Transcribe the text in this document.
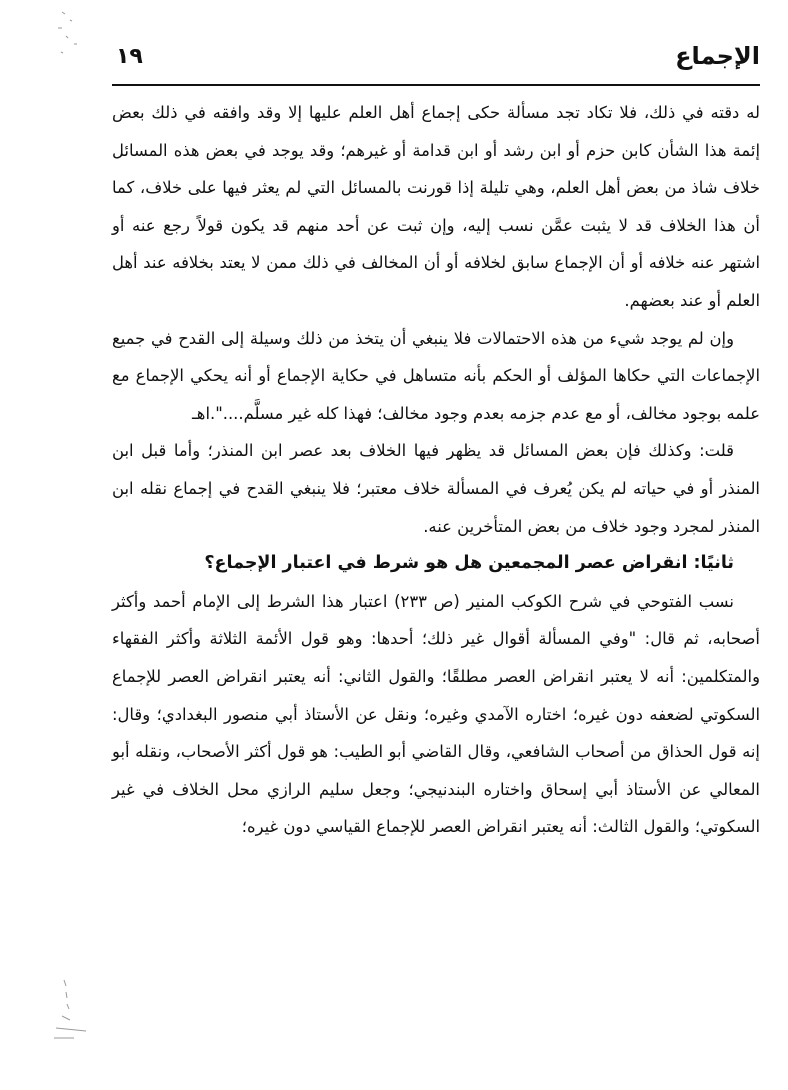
الإجماع
١٩

له دقته في ذلك، فلا تكاد تجد مسألة حكى إجماع أهل العلم عليها إلا وقد وافقه في ذلك بعض إئمة هذا الشأن كابن حزم أو ابن رشد أو ابن قدامة أو غيرهم؛ وقد يوجد في بعض هذه المسائل خلاف شاذ من بعض أهل العلم، وهي تليلة إذا قورنت بالمسائل التي لم يعثر فيها على خلاف، كما أن هذا الخلاف قد لا يثبت عمَّن نسب إليه، وإن ثبت عن أحد منهم قد يكون قولاً رجع عنه أو اشتهر عنه خلافه أو أن الإجماع سابق لخلافه أو أن المخالف في ذلك ممن لا يعتد بخلافه عند أهل العلم أو عند بعضهم.

وإن لم يوجد شيء من هذه الاحتمالات فلا ينبغي أن يتخذ من ذلك وسيلة إلى القدح في جميع الإجماعات التي حكاها المؤلف أو الحكم بأنه متساهل في حكاية الإجماع أو أنه يحكي الإجماع مع علمه بوجود مخالف، أو مع عدم جزمه بعدم وجود مخالف؛ فهذا كله غير مسلَّم....".اهـ

قلت: وكذلك فإن بعض المسائل قد يظهر فيها الخلاف بعد عصر ابن المنذر؛ وأما قبل ابن المنذر أو في حياته لم يكن يُعرف في المسألة خلاف معتبر؛ فلا ينبغي القدح في إجماع نقله ابن المنذر لمجرد وجود خلاف من بعض المتأخرين عنه.

ثانيًا: انقراض عصر المجمعين هل هو شرط في اعتبار الإجماع؟

نسب الفتوحي في شرح الكوكب المنير (ص ٢٣٣) اعتبار هذا الشرط إلى الإمام أحمد وأكثر أصحابه، ثم قال: "وفي المسألة أقوال غير ذلك؛ أحدها: وهو قول الأئمة الثلاثة وأكثر الفقهاء والمتكلمين: أنه لا يعتبر انقراض العصر مطلقًا؛ والقول الثاني: أنه يعتبر انقراض العصر للإجماع السكوتي لضعفه دون غيره؛ اختاره الآمدي وغيره؛ ونقل عن الأستاذ أبي منصور البغدادي؛ وقال: إنه قول الحذاق من أصحاب الشافعي، وقال القاضي أبو الطيب: هو قول أكثر الأصحاب، ونقله أبو المعالي عن الأستاذ أبي إسحاق واختاره البندنيجي؛ وجعل سليم الرازي محل الخلاف في غير السكوتي؛ والقول الثالث: أنه يعتبر انقراض العصر للإجماع القياسي دون غيره؛
